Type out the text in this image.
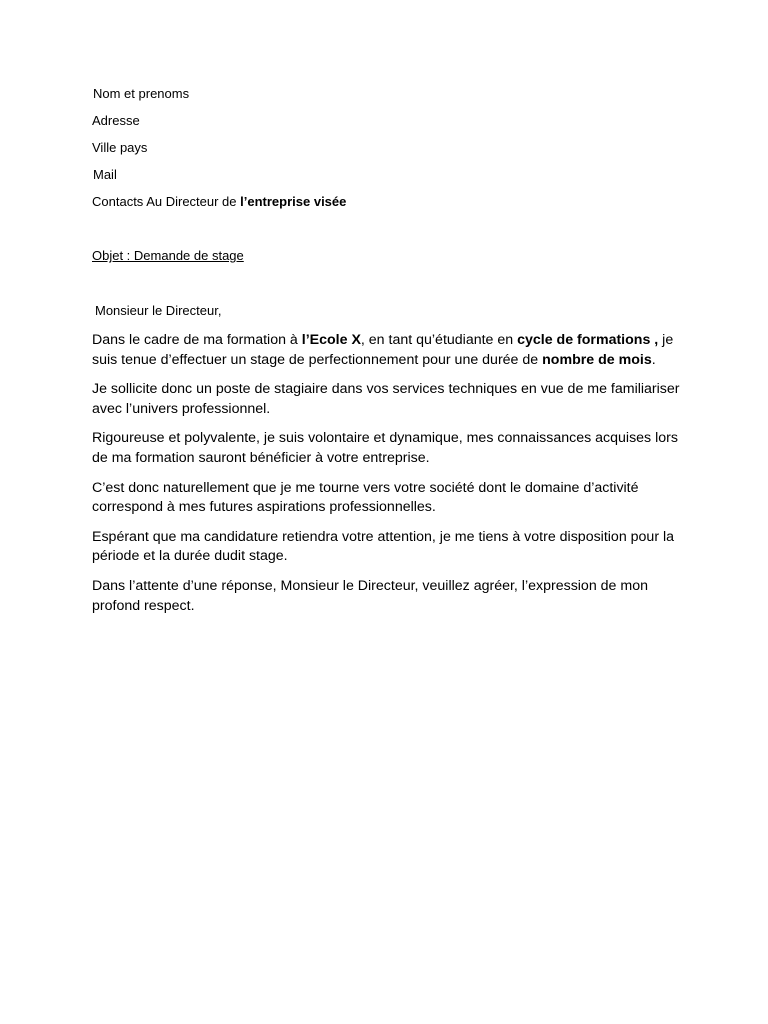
Nom et prenoms
Adresse
Ville pays
Mail
Contacts Au Directeur de l’entreprise visée
Objet : Demande de stage
Monsieur le Directeur,

Dans le cadre de ma formation à l’Ecole X, en tant qu’étudiante en cycle de formations , je suis tenue d’effectuer un stage de perfectionnement pour une durée de nombre de mois.

Je sollicite donc un poste de stagiaire dans vos services techniques en vue de me familiariser avec l’univers professionnel.

Rigoureuse et polyvalente, je suis volontaire et dynamique, mes connaissances acquises lors de ma formation sauront bénéficier à votre entreprise.

C’est donc naturellement que je me tourne vers votre société dont le domaine d’activité correspond à mes futures aspirations professionnelles.

Espérant que ma candidature retiendra votre attention, je me tiens à votre disposition pour la période et la durée dudit stage.

Dans l’attente d’une réponse, Monsieur le Directeur, veuillez agréer, l’expression de mon profond respect.
